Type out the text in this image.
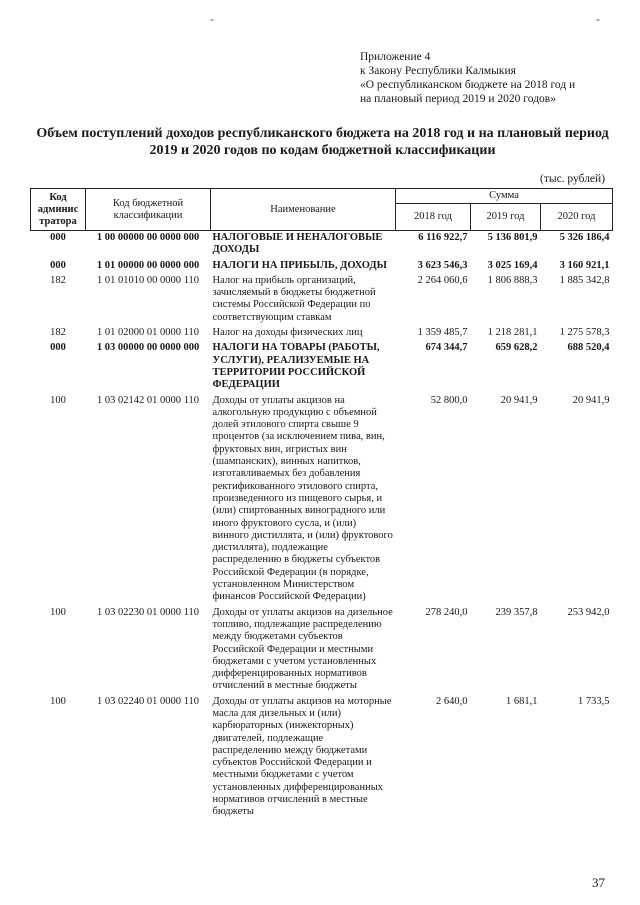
-	-
Приложение 4
к Закону Республики Калмыкия
«О республиканском бюджете на 2018 год и
на плановый период 2019 и 2020 годов»
Объем поступлений доходов республиканского бюджета на 2018 год и на плановый период 2019 и 2020 годов по кодам бюджетной классификации
(тыс. рублей)
Код админис тратора	Код бюджетной классификации	Наименование	Сумма		
			2018 год	2019 год	2020 год
000	1 00 00000 00 0000 000	НАЛОГОВЫЕ И НЕНАЛОГОВЫЕ ДОХОДЫ	6 116 922,7	5 136 801,9	5 326 186,4
000	1 01 00000 00 0000 000	НАЛОГИ НА ПРИБЫЛЬ, ДОХОДЫ	3 623 546,3	3 025 169,4	3 160 921,1
182	1 01 01010 00 0000 110	Налог на прибыль организаций, зачисляемый в бюджеты бюджетной системы Российской Федерации по соответствующим ставкам	2 264 060,6	1 806 888,3	1 885 342,8
182	1 01 02000 01 0000 110	Налог на доходы физических лиц	1 359 485,7	1 218 281,1	1 275 578,3
000	1 03 00000 00 0000 000	НАЛОГИ НА ТОВАРЫ (РАБОТЫ, УСЛУГИ), РЕАЛИЗУЕМЫЕ НА ТЕРРИТОРИИ РОССИЙСКОЙ ФЕДЕРАЦИИ	674 344,7	659 628,2	688 520,4
100	1 03 02142 01 0000 110	Доходы от уплаты акцизов на алкогольную продукцию с объемной долей этилового спирта свыше 9 процентов (за исключением пива, вин, фруктовых вин, игристых вин (шампанских), винных напитков, изготавливаемых без добавления ректификованного этилового спирта, произведенного из пищевого сырья, и (или) спиртованных виноградного или иного фруктового сусла, и (или) винного дистиллята, и (или) фруктового дистиллята), подлежащие распределению в бюджеты субъектов Российской Федерации (в порядке, установленном Министерством финансов Российской Федерации)	52 800,0	20 941,9	20 941,9
100	1 03 02230 01 0000 110	Доходы от уплаты акцизов на дизельное топливо, подлежащие распределению между бюджетами субъектов Российской Федерации и местными бюджетами с учетом установленных дифференцированных нормативов отчислений в местные бюджеты	278 240,0	239 357,8	253 942,0
100	1 03 02240 01 0000 110	Доходы от уплаты акцизов на моторные масла для дизельных и (или) карбюраторных (инжекторных) двигателей, подлежащие распределению между бюджетами субъектов Российской Федерации и местными бюджетами с учетом установленных дифференцированных нормативов отчислений в местные бюджеты	2 640,0	1 681,1	1 733,5
37
